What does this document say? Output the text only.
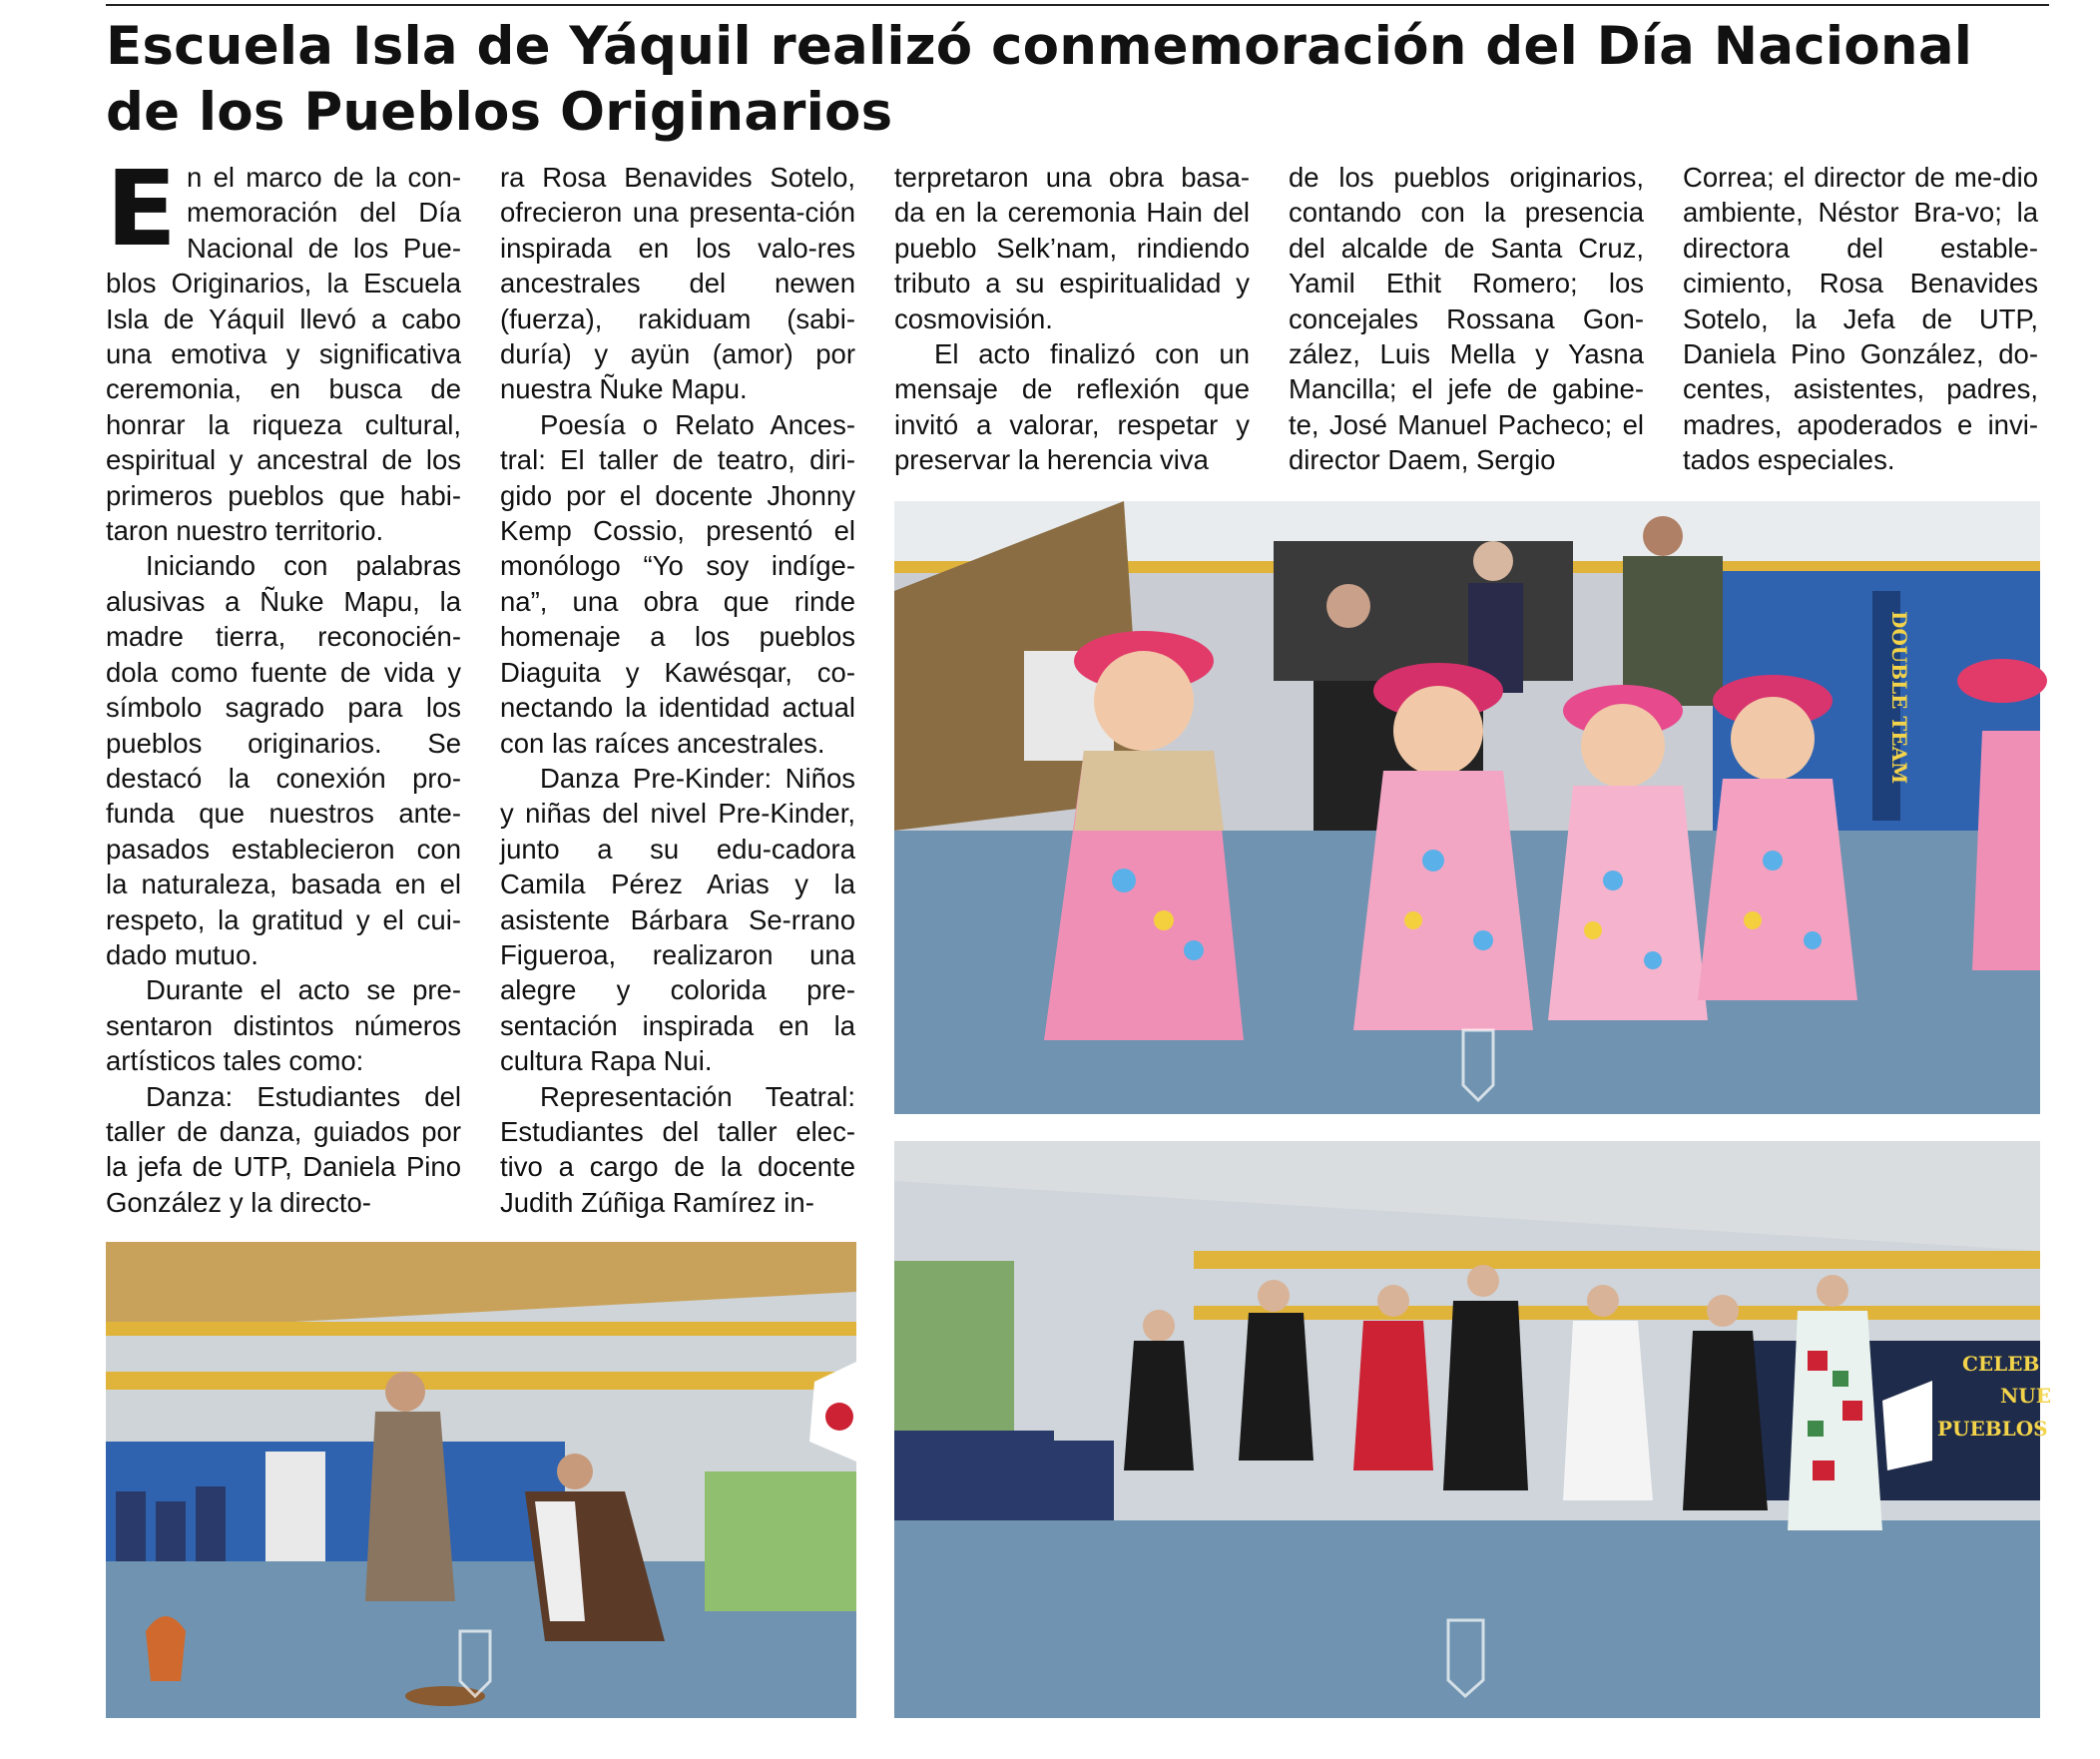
Escuela Isla de Yáquil realizó conmemoración del Día Nacional de los Pueblos Originarios

En el marco de la con-memoración del Día Nacional de los Pue-blos Originarios, la Escuela Isla de Yáquil llevó a cabo una emotiva y significativa ceremonia, en busca de honrar la riqueza cultural, espiritual y ancestral de los primeros pueblos que habi-taron nuestro territorio.

Iniciando con palabras alusivas a Ñuke Mapu, la madre tierra, reconocién-dola como fuente de vida y símbolo sagrado para los pueblos originarios. Se destacó la conexión pro-funda que nuestros ante-pasados establecieron con la naturaleza, basada en el respeto, la gratitud y el cui-dado mutuo.

Durante el acto se pre-sentaron distintos números artísticos tales como:

Danza: Estudiantes del taller de danza, guiados por la jefa de UTP, Daniela Pino González y la directo-

ra Rosa Benavides Sotelo, ofrecieron una presenta-ción inspirada en los valo-res ancestrales del newen (fuerza), rakiduam (sabi-duría) y ayün (amor) por nuestra Ñuke Mapu.

Poesía o Relato Ances-tral: El taller de teatro, diri-gido por el docente Jhonny Kemp Cossio, presentó el monólogo “Yo soy indíge-na”, una obra que rinde homenaje a los pueblos Diaguita y Kawésqar, co-nectando la identidad actual con las raíces ancestrales.

Danza Pre-Kinder: Niños y niñas del nivel Pre-Kinder, junto a su edu-cadora Camila Pérez Arias y la asistente Bárbara Se-rrano Figueroa, realizaron una alegre y colorida pre-sentación inspirada en la cultura Rapa Nui.

Representación Teatral: Estudiantes del taller elec-tivo a cargo de la docente Judith Zúñiga Ramírez in-

terpretaron una obra basa-da en la ceremonia Hain del pueblo Selk’nam, rindiendo tributo a su espiritualidad y cosmovisión.

El acto finalizó con un mensaje de reflexión que invitó a valorar, respetar y preservar la herencia viva

de los pueblos originarios, contando con la presencia del alcalde de Santa Cruz, Yamil Ethit Romero; los concejales Rossana Gon-zález, Luis Mella y Yasna Mancilla; el jefe de gabine-te, José Manuel Pacheco; el director Daem, Sergio

Correa; el director de me-dio ambiente, Néstor Bra-vo; la directora del estable-cimiento, Rosa Benavides Sotelo, la Jefa de UTP, Daniela Pino González, do-centes, asistentes, padres, madres, apoderados e invi-tados especiales.

DOUBLE TEAM
CELEB
NUE
PUEBLOS
